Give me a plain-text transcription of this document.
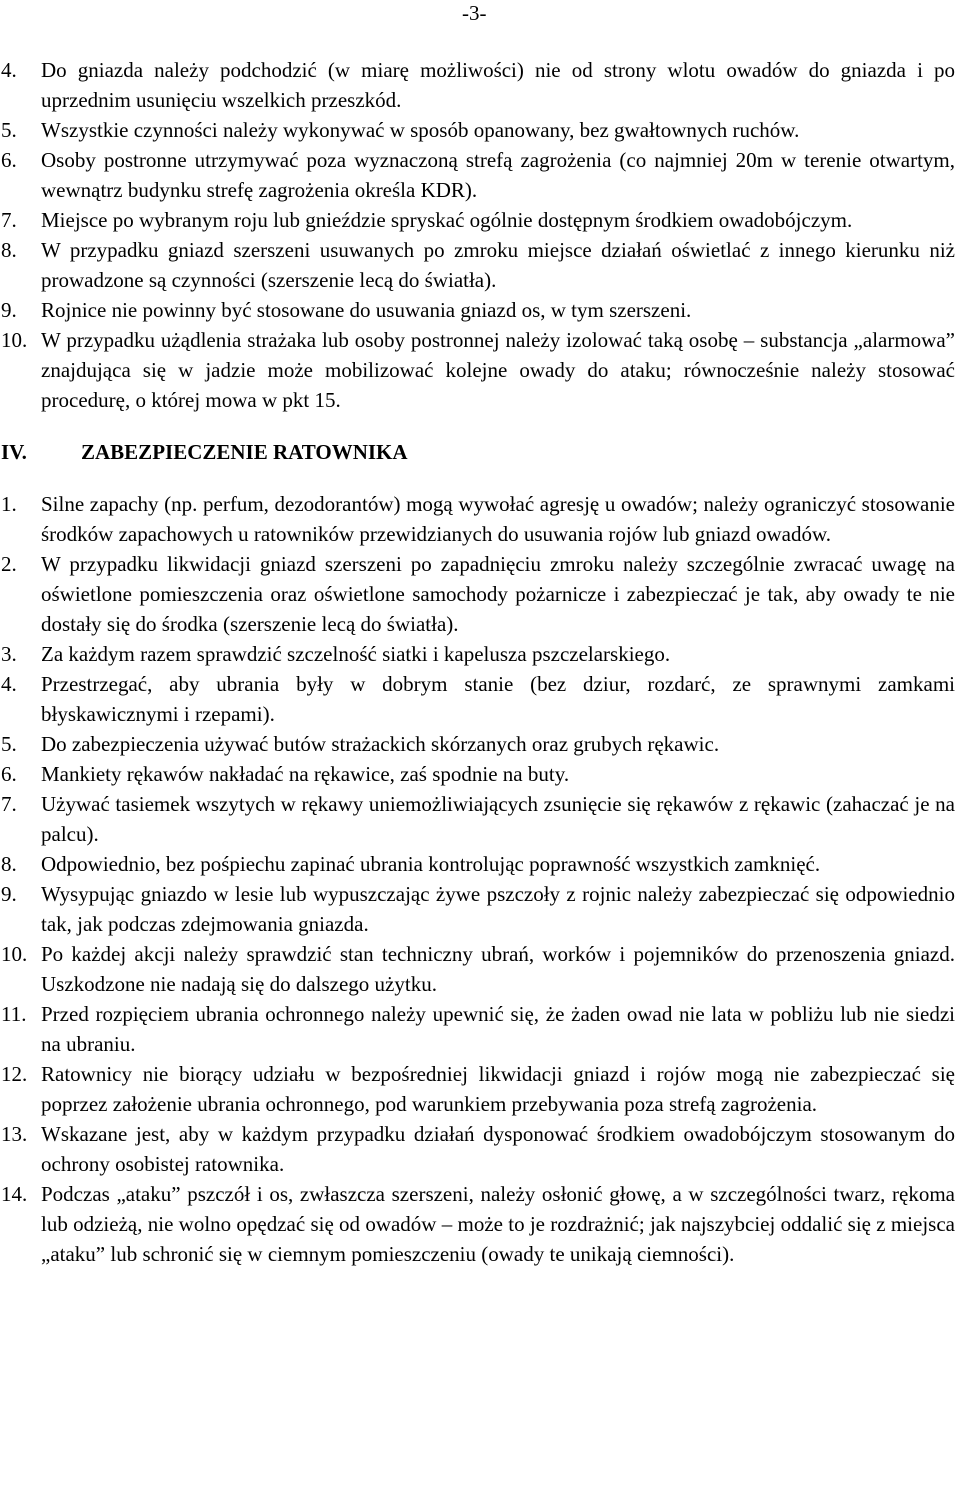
-3-
4. Do gniazda należy podchodzić (w miarę możliwości) nie od strony wlotu owadów do gniazda i po uprzednim usunięciu wszelkich przeszkód.
5. Wszystkie czynności należy wykonywać w sposób opanowany, bez gwałtownych ruchów.
6. Osoby postronne utrzymywać poza wyznaczoną strefą zagrożenia (co najmniej 20m w terenie otwartym, wewnątrz budynku strefę zagrożenia określa KDR).
7. Miejsce po wybranym roju lub gnieździe spryskać ogólnie dostępnym środkiem owadobójczym.
8. W przypadku gniazd szerszeni usuwanych po zmroku miejsce działań oświetlać z innego kierunku niż prowadzone są czynności (szerszenie lecą do światła).
9. Rojnice nie powinny być stosowane do usuwania gniazd os, w tym szerszeni.
10. W przypadku użądlenia strażaka lub osoby postronnej należy izolować taką osobę – substancja „alarmowa” znajdująca się w jadzie może mobilizować kolejne owady do ataku; równocześnie należy stosować procedurę, o której mowa w pkt 15.
IV.	ZABEZPIECZENIE RATOWNIKA
1. Silne zapachy (np. perfum, dezodorantów) mogą wywołać agresję u owadów; należy ograniczyć stosowanie środków zapachowych u ratowników przewidzianych do usuwania rojów lub gniazd owadów.
2. W przypadku likwidacji gniazd szerszeni po zapadnięciu zmroku należy szczególnie zwracać uwagę na oświetlone pomieszczenia oraz oświetlone samochody pożarnicze i zabezpieczać je tak, aby owady te nie dostały się do środka (szerszenie lecą do światła).
3. Za każdym razem sprawdzić szczelność siatki i kapelusza pszczelarskiego.
4. Przestrzegać, aby ubrania były w dobrym stanie (bez dziur, rozdarć, ze sprawnymi zamkami błyskawicznymi i rzepami).
5. Do zabezpieczenia używać butów strażackich skórzanych oraz grubych rękawic.
6. Mankiety rękawów nakładać na rękawice, zaś spodnie na buty.
7. Używać tasiemek wszytych w rękawy uniemożliwiających zsunięcie się rękawów z rękawic (zahaczać je na palcu).
8. Odpowiednio, bez pośpiechu zapinać ubrania kontrolując poprawność wszystkich zamknięć.
9. Wysypując gniazdo w lesie lub wypuszczając żywe pszczoły z rojnic należy zabezpieczać się odpowiednio tak, jak podczas zdejmowania gniazda.
10. Po każdej akcji należy sprawdzić stan techniczny ubrań, worków i pojemników do przenoszenia gniazd. Uszkodzone nie nadają się do dalszego użytku.
11. Przed rozpięciem ubrania ochronnego należy upewnić się, że żaden owad nie lata w pobliżu lub nie siedzi na ubraniu.
12. Ratownicy nie biorący udziału w bezpośredniej likwidacji gniazd i rojów mogą nie zabezpieczać się poprzez założenie ubrania ochronnego, pod warunkiem przebywania poza strefą zagrożenia.
13. Wskazane jest, aby w każdym przypadku działań dysponować środkiem owadobójczym stosowanym do ochrony osobistej ratownika.
14. Podczas „ataku” pszczół i os, zwłaszcza szerszeni, należy osłonić głowę, a w szczególności twarz, rękoma lub odzieżą, nie wolno opędzać się od owadów – może to je rozdrażnić; jak najszybciej oddalić się z miejsca „ataku” lub schronić się w ciemnym pomieszczeniu (owady te unikają ciemności).
